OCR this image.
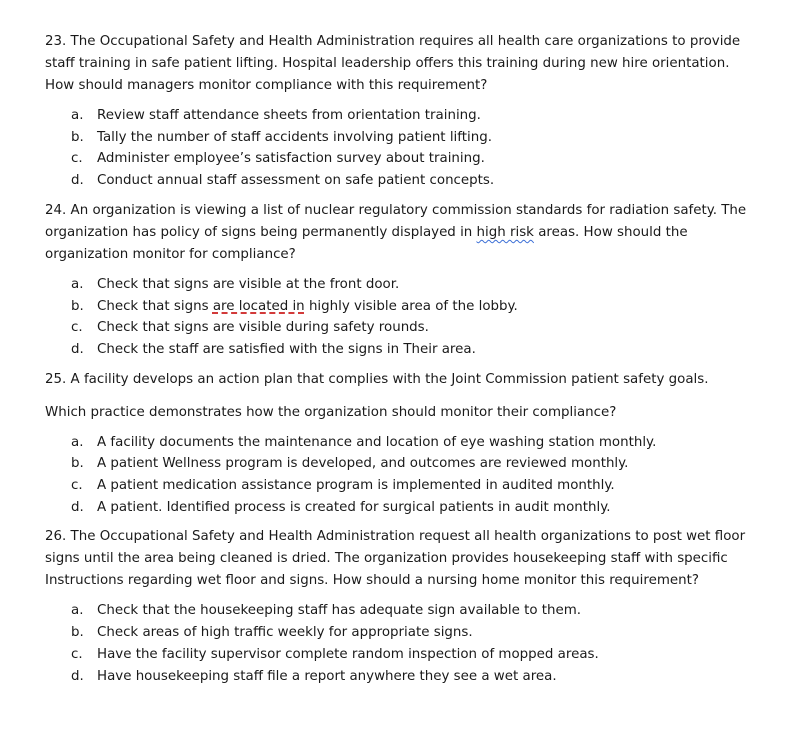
23. The Occupational Safety and Health Administration requires all health care organizations to provide
staff training in safe patient lifting. Hospital leadership offers this training during new hire orientation.
How should managers monitor compliance with this requirement?
a.	Review staff attendance sheets from orientation training.
b. Tally the number of staff accidents involving patient lifting.
c.	Administer employee’s satisfaction survey about training.
d. Conduct annual staff assessment on safe patient concepts.
24. An organization is viewing a list of nuclear regulatory commission standards for radiation safety. The
organization has policy of signs being permanently displayed in high risk areas. How should the
organization monitor for compliance?
a.	Check that signs are visible at the front door.
b. Check that signs are located in highly visible area of the lobby.
c.	Check that signs are visible during safety rounds.
d. Check the staff are satisfied with the signs in Their area.
25. A facility develops an action plan that complies with the Joint Commission patient safety goals.
Which practice demonstrates how the organization should monitor their compliance?
a.	A facility documents the maintenance and location of eye washing station monthly.
b. A patient Wellness program is developed, and outcomes are reviewed monthly.
c.	A patient medication assistance program is implemented in audited monthly.
d. A patient. Identified process is created for surgical patients in audit monthly.
26. The Occupational Safety and Health Administration request all health organizations to post wet floor
signs until the area being cleaned is dried. The organization provides housekeeping staff with specific
Instructions regarding wet floor and signs. How should a nursing home monitor this requirement?
a.	Check that the housekeeping staff has adequate sign available to them.
b. Check areas of high traffic weekly for appropriate signs.
c.	Have the facility supervisor complete random inspection of mopped areas.
d. Have housekeeping staff file a report anywhere they see a wet area.
